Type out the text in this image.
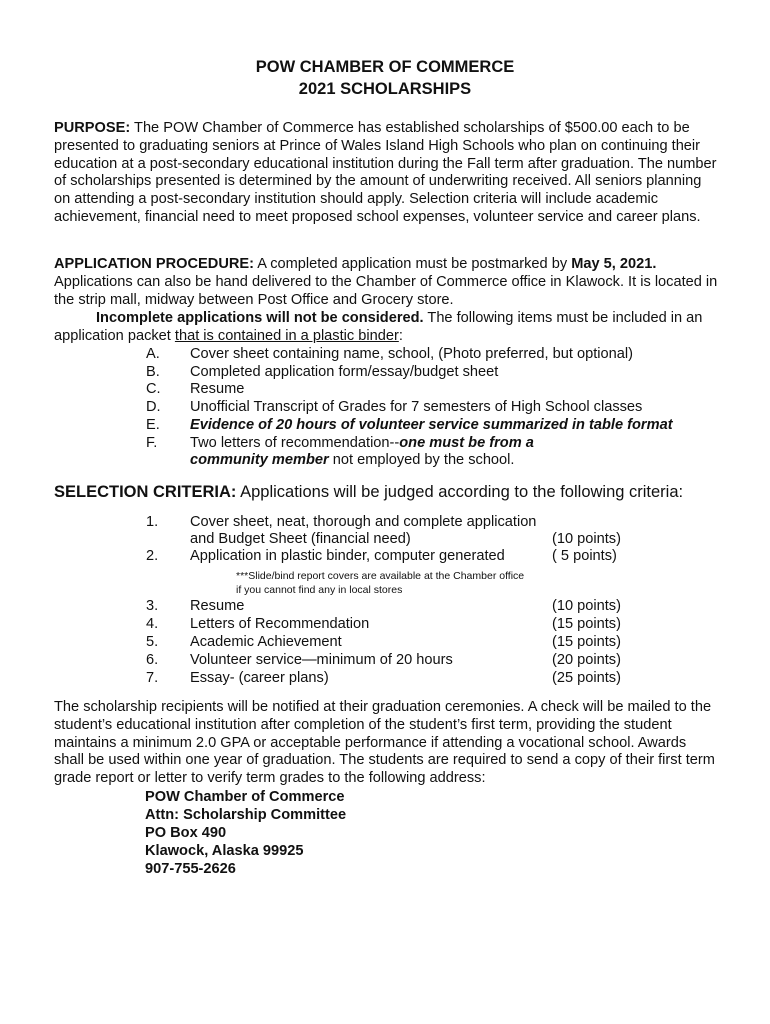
POW CHAMBER OF COMMERCE
2021 SCHOLARSHIPS
PURPOSE: The POW Chamber of Commerce has established scholarships of $500.00 each to be presented to graduating seniors at Prince of Wales Island High Schools who plan on continuing their education at a post-secondary educational institution during the Fall term after graduation. The number of scholarships presented is determined by the amount of underwriting received. All seniors planning on attending a post-secondary institution should apply. Selection criteria will include academic achievement, financial need to meet proposed school expenses, volunteer service and career plans.
APPLICATION PROCEDURE: A completed application must be postmarked by May 5, 2021. Applications can also be hand delivered to the Chamber of Commerce office in Klawock. It is located in the strip mall, midway between Post Office and Grocery store.
Incomplete applications will not be considered. The following items must be included in an application packet that is contained in a plastic binder:
A. Cover sheet containing name, school, (Photo preferred, but optional)
B. Completed application form/essay/budget sheet
C. Resume
D. Unofficial Transcript of Grades for 7 semesters of High School classes
E. Evidence of 20 hours of volunteer service summarized in table format
F. Two letters of recommendation--one must be from a
community member not employed by the school.
SELECTION CRITERIA: Applications will be judged according to the following criteria:
1. Cover sheet, neat, thorough and complete application
and Budget Sheet (financial need)	(10 points)
2. Application in plastic binder, computer generated	( 5 points)
***Slide/bind report covers are available at the Chamber office
if you cannot find any in local stores
3. Resume	(10 points)
4. Letters of Recommendation	(15 points)
5. Academic Achievement	(15 points)
6. Volunteer service—minimum of 20 hours	(20 points)
7. Essay- (career plans)	(25 points)
The scholarship recipients will be notified at their graduation ceremonies. A check will be mailed to the student’s educational institution after completion of the student’s first term, providing the student maintains a minimum 2.0 GPA or acceptable performance if attending a vocational school. Awards shall be used within one year of graduation. The students are required to send a copy of their first term grade report or letter to verify term grades to the following address:
POW Chamber of Commerce
Attn: Scholarship Committee
PO Box 490
Klawock, Alaska 99925
907-755-2626
